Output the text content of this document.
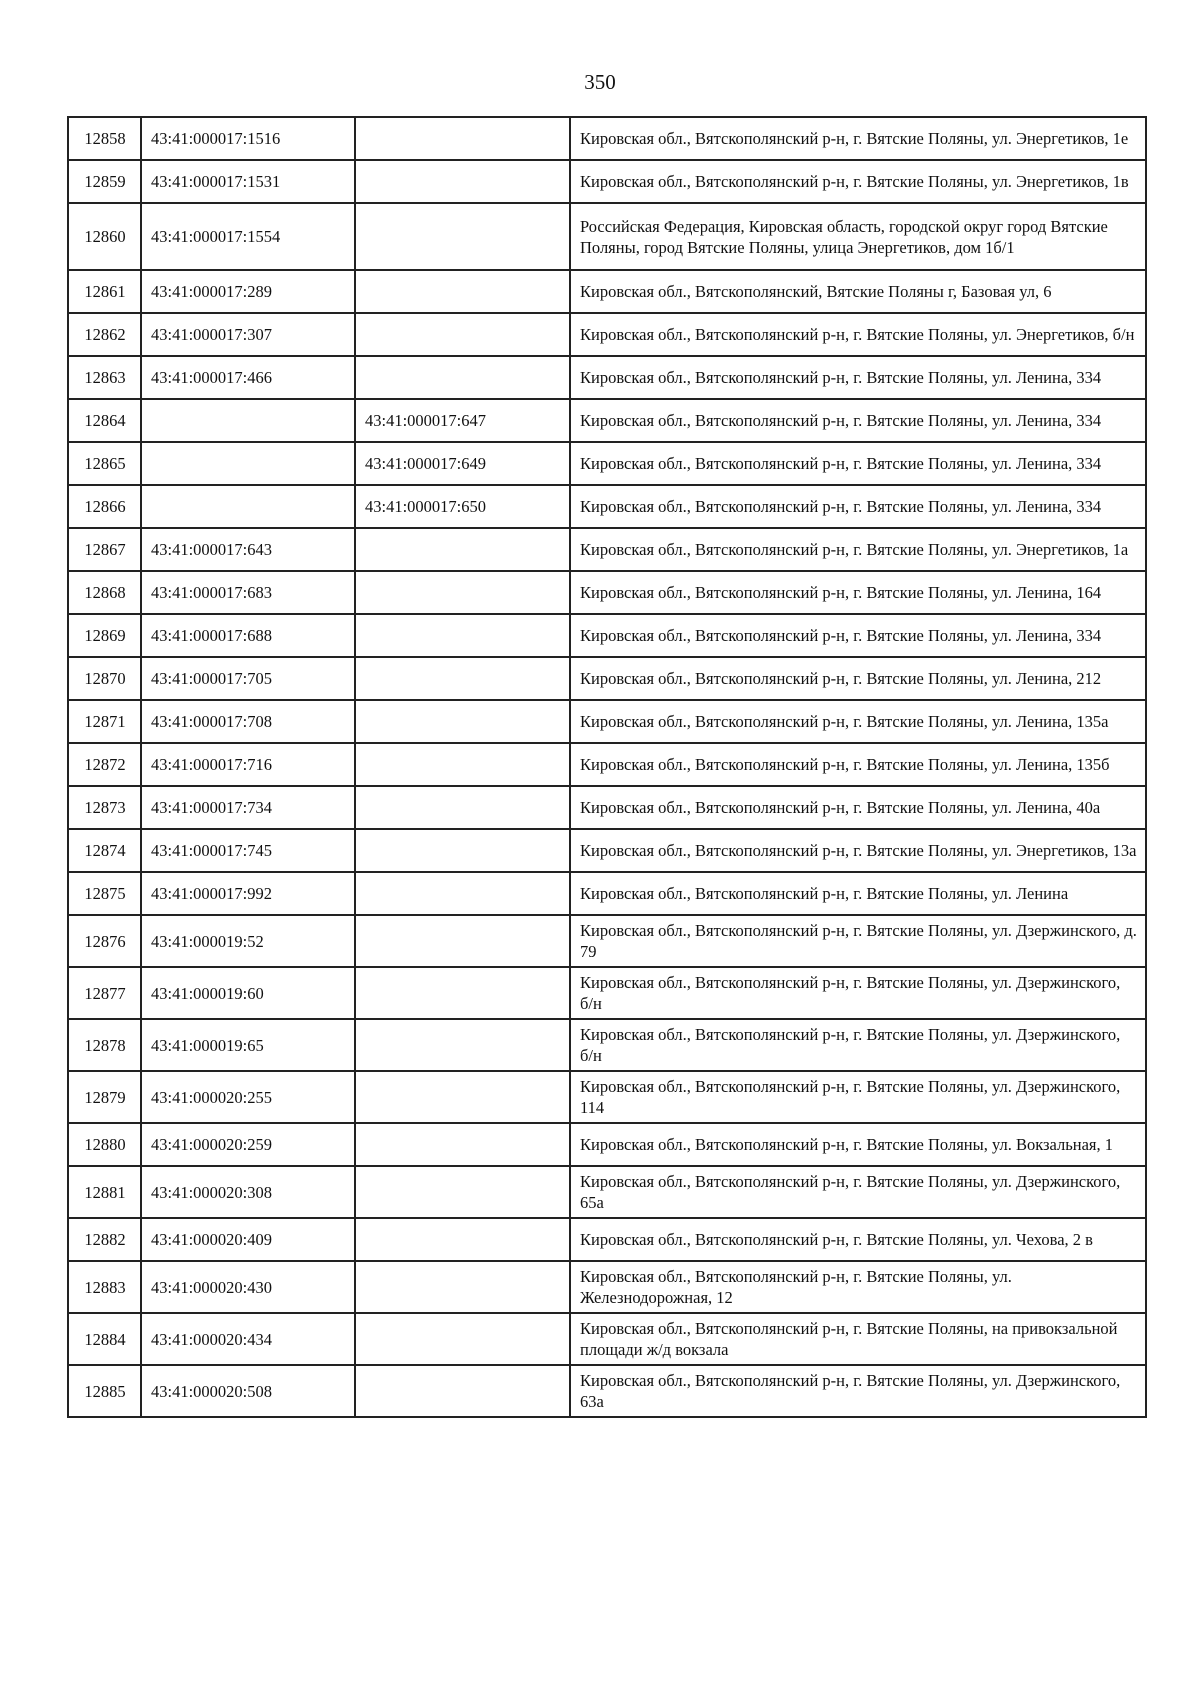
350
12858	43:41:000017:1516		Кировская обл., Вятскополянский р-н, г. Вятские Поляны, ул. Энергетиков, 1е
12859	43:41:000017:1531		Кировская обл., Вятскополянский р-н, г. Вятские Поляны, ул. Энергетиков, 1в
12860	43:41:000017:1554		Российская Федерация, Кировская область, городской округ город Вятские Поляны, город Вятские Поляны, улица Энергетиков, дом 1б/1
12861	43:41:000017:289		Кировская обл., Вятскополянский, Вятские Поляны г, Базовая ул, 6
12862	43:41:000017:307		Кировская обл., Вятскополянский р-н, г. Вятские Поляны, ул. Энергетиков, б/н
12863	43:41:000017:466		Кировская обл., Вятскополянский р-н, г. Вятские Поляны, ул. Ленина, 334
12864		43:41:000017:647	Кировская обл., Вятскополянский р-н, г. Вятские Поляны, ул. Ленина, 334
12865		43:41:000017:649	Кировская обл., Вятскополянский р-н, г. Вятские Поляны, ул. Ленина, 334
12866		43:41:000017:650	Кировская обл., Вятскополянский р-н, г. Вятские Поляны, ул. Ленина, 334
12867	43:41:000017:643		Кировская обл., Вятскополянский р-н, г. Вятские Поляны, ул. Энергетиков, 1а
12868	43:41:000017:683		Кировская обл., Вятскополянский р-н, г. Вятские Поляны, ул. Ленина, 164
12869	43:41:000017:688		Кировская обл., Вятскополянский р-н, г. Вятские Поляны, ул. Ленина, 334
12870	43:41:000017:705		Кировская обл., Вятскополянский р-н, г. Вятские Поляны, ул. Ленина, 212
12871	43:41:000017:708		Кировская обл., Вятскополянский р-н, г. Вятские Поляны, ул. Ленина, 135а
12872	43:41:000017:716		Кировская обл., Вятскополянский р-н, г. Вятские Поляны, ул. Ленина, 135б
12873	43:41:000017:734		Кировская обл., Вятскополянский р-н, г. Вятские Поляны, ул. Ленина, 40а
12874	43:41:000017:745		Кировская обл., Вятскополянский р-н, г. Вятские Поляны, ул. Энергетиков, 13а
12875	43:41:000017:992		Кировская обл., Вятскополянский р-н, г. Вятские Поляны, ул. Ленина
12876	43:41:000019:52		Кировская обл., Вятскополянский р-н, г. Вятские Поляны, ул. Дзержинского, д. 79
12877	43:41:000019:60		Кировская обл., Вятскополянский р-н, г. Вятские Поляны, ул. Дзержинского, б/н
12878	43:41:000019:65		Кировская обл., Вятскополянский р-н, г. Вятские Поляны, ул. Дзержинского, б/н
12879	43:41:000020:255		Кировская обл., Вятскополянский р-н, г. Вятские Поляны, ул. Дзержинского, 114
12880	43:41:000020:259		Кировская обл., Вятскополянский р-н, г. Вятские Поляны, ул. Вокзальная, 1
12881	43:41:000020:308		Кировская обл., Вятскополянский р-н, г. Вятские Поляны, ул. Дзержинского, 65а
12882	43:41:000020:409		Кировская обл., Вятскополянский р-н, г. Вятские Поляны, ул. Чехова, 2 в
12883	43:41:000020:430		Кировская обл., Вятскополянский р-н, г. Вятские Поляны, ул. Железнодорожная, 12
12884	43:41:000020:434		Кировская обл., Вятскополянский р-н, г. Вятские Поляны, на привокзальной площади ж/д вокзала
12885	43:41:000020:508		Кировская обл., Вятскополянский р-н, г. Вятские Поляны, ул. Дзержинского, 63а
